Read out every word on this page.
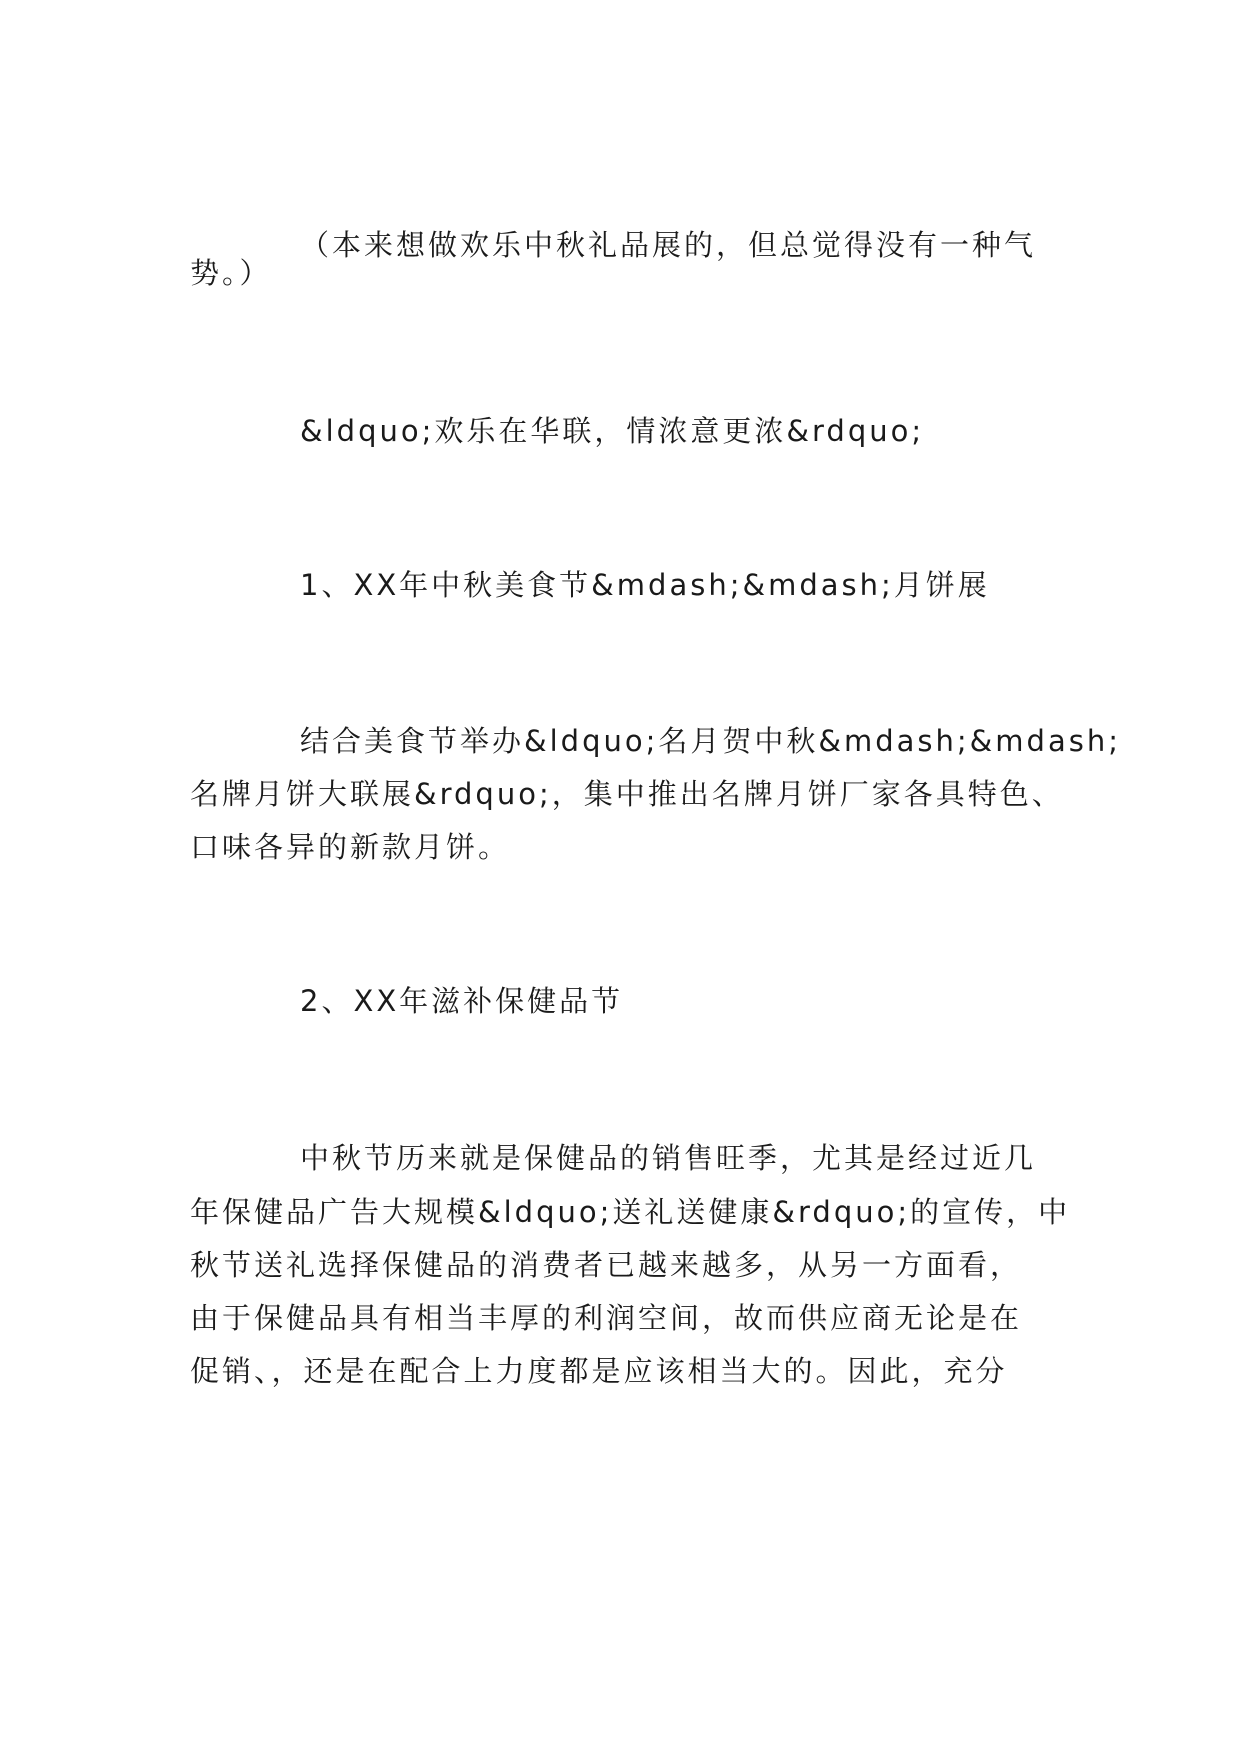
（本来想做欢乐中秋礼品展的，但总觉得没有一种气
势。）
&ldquo;欢乐在华联，情浓意更浓&rdquo;
1、XX年中秋美食节&mdash;&mdash;月饼展
结合美食节举办&ldquo;名月贺中秋&mdash;&mdash;
名牌月饼大联展&rdquo;，集中推出名牌月饼厂家各具特色、
口味各异的新款月饼。
2、XX年滋补保健品节
中秋节历来就是保健品的销售旺季，尤其是经过近几
年保健品广告大规模&ldquo;送礼送健康&rdquo;的宣传，中
秋节送礼选择保健品的消费者已越来越多，从另一方面看，
由于保健品具有相当丰厚的利润空间，故而供应商无论是在
促销、，还是在配合上力度都是应该相当大的。因此，充分
